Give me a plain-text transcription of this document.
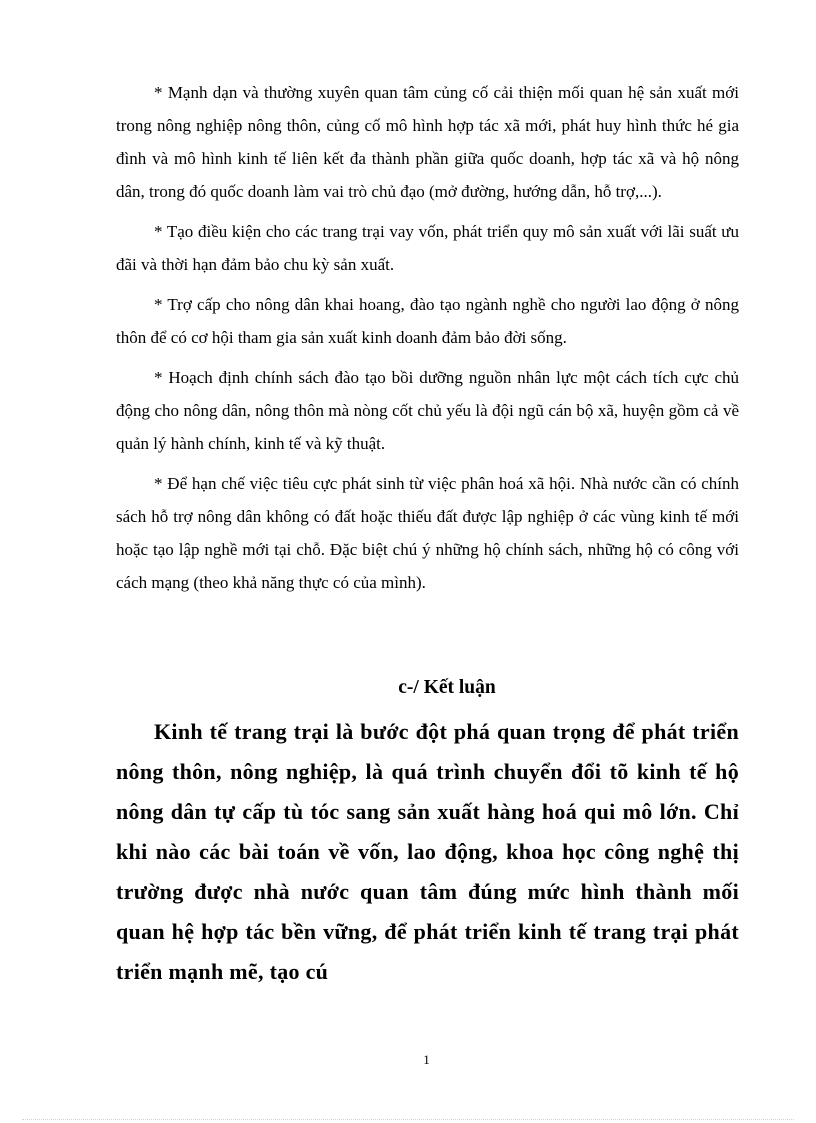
* Mạnh dạn và thường xuyên quan tâm củng cố cải thiện mối quan hệ sản xuất mới trong nông nghiệp nông thôn, củng cố mô hình hợp tác xã mới, phát huy hình thức hé gia đình và mô hình kinh tế liên kết đa thành phần giữa quốc doanh, hợp tác xã và hộ nông dân, trong đó quốc doanh làm vai trò chủ đạo (mở đường, hướng dẫn, hỗ trợ,...).

* Tạo điều kiện cho các trang trại vay vốn, phát triển quy mô sản xuất với lãi suất ưu đãi và thời hạn đảm bảo chu kỳ sản xuất.

* Trợ cấp cho nông dân khai hoang, đào tạo ngành nghề cho người lao động ở nông thôn để có cơ hội tham gia sản xuất kinh doanh đảm bảo đời sống.

* Hoạch định chính sách đào tạo bồi dưỡng nguồn nhân lực một cách tích cực chủ động cho nông dân, nông thôn mà nòng cốt chủ yếu là đội ngũ cán bộ xã, huyện gồm cả về quản lý hành chính, kinh tế và kỹ thuật.

* Để hạn chế việc tiêu cực phát sinh từ việc phân hoá xã hội. Nhà nước cần có chính sách hỗ trợ nông dân không có đất hoặc thiếu đất được lập nghiệp ở các vùng kinh tế mới hoặc tạo lập nghề mới tại chỗ. Đặc biệt chú ý những hộ chính sách, những hộ có công với cách mạng (theo khả năng thực có của mình).

c-/ Kết luận

Kinh tế trang trại là bước đột phá quan trọng để phát triển nông thôn, nông nghiệp, là quá trình chuyển đổi tõ kinh tế hộ nông dân tự cấp tù tóc sang sản xuất hàng hoá qui mô lớn. Chỉ khi nào các bài toán về vốn, lao động, khoa học công nghệ thị trường được nhà nước quan tâm đúng mức hình thành mối quan hệ hợp tác bền vững, để phát triển kinh tế trang trại phát triển mạnh mẽ, tạo cú

1
